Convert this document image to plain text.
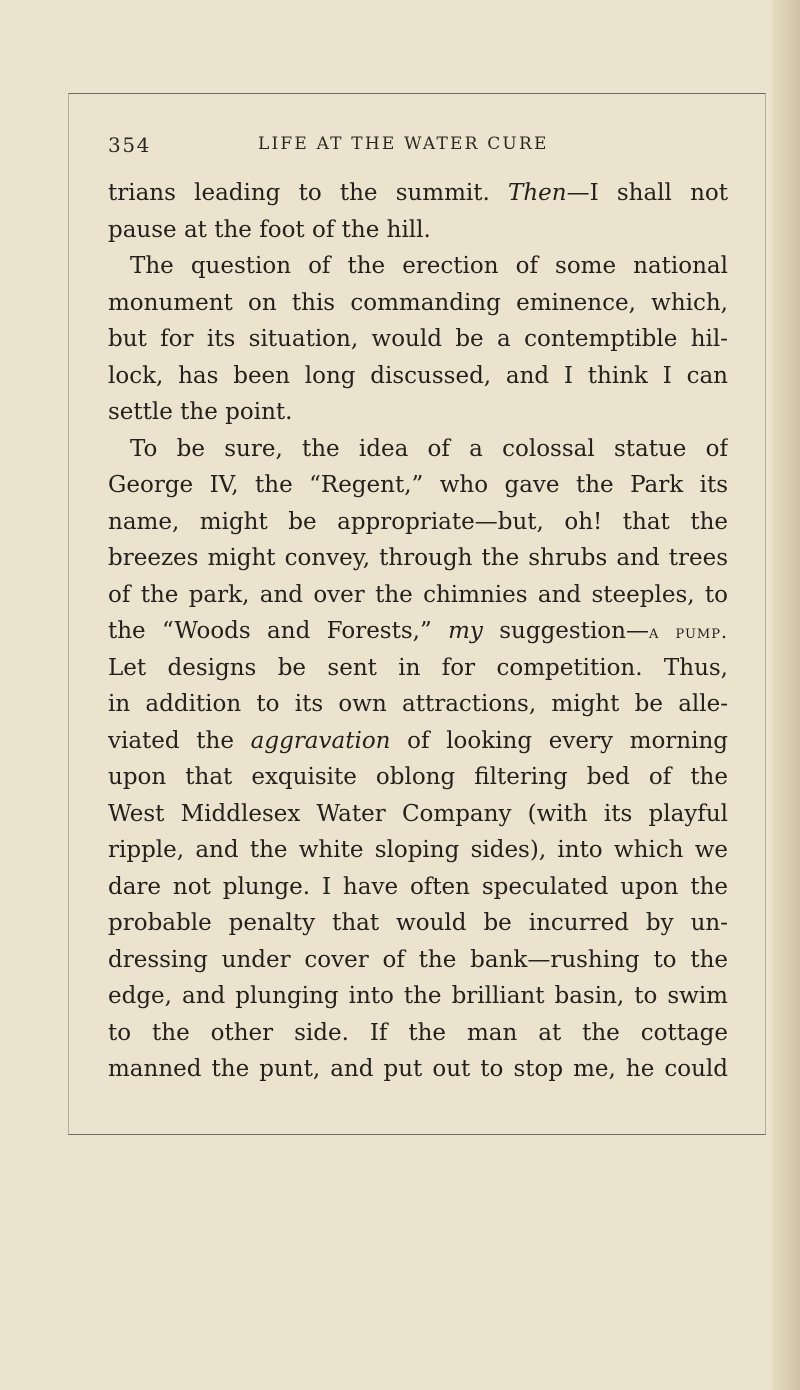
354	LIFE AT THE WATER CURE
trians leading to the summit. Then—I shall not
pause at the foot of the hill.
The question of the erection of some national
monument on this commanding eminence, which,
but for its situation, would be a contemptible hil-
lock, has been long discussed, and I think I can
settle the point.
To be sure, the idea of a colossal statue of
George IV, the “Regent,” who gave the Park its
name, might be appropriate—but, oh! that the
breezes might convey, through the shrubs and trees
of the park, and over the chimnies and steeples, to
the “Woods and Forests,” my suggestion—a pump.
Let designs be sent in for competition. Thus,
in addition to its own attractions, might be alle-
viated the aggravation of looking every morning
upon that exquisite oblong filtering bed of the
West Middlesex Water Company (with its playful
ripple, and the white sloping sides), into which we
dare not plunge. I have often speculated upon the
probable penalty that would be incurred by un-
dressing under cover of the bank—rushing to the
edge, and plunging into the brilliant basin, to swim
to the other side. If the man at the cottage
manned the punt, and put out to stop me, he could
